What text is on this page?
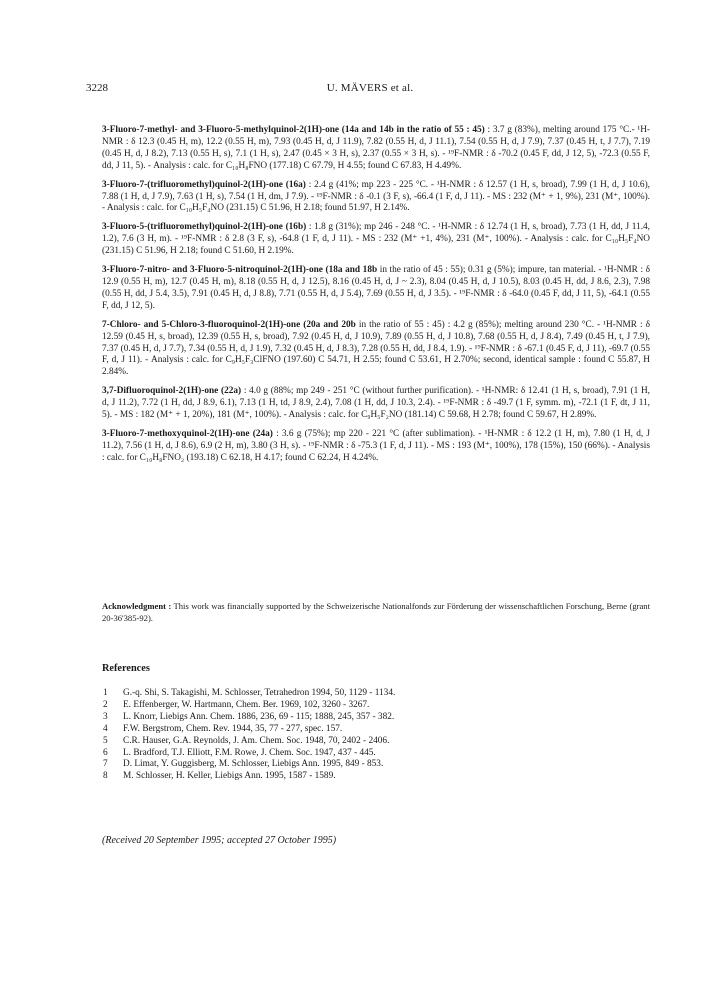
3228	U. MÄVERS et al.

3-Fluoro-7-methyl- and 3-Fluoro-5-methylquinol-2(1H)-one (14a and 14b in the ratio of 55 : 45) : 3.7 g (83%), melting around 175 °C.- ¹H-NMR : δ 12.3 (0.45 H, m), 12.2 (0.55 H, m), 7.93 (0.45 H, d, J 11.9), 7.82 (0.55 H, d, J 11.1), 7.54 (0.55 H, d, J 7.9), 7.37 (0.45 H, t, J 7.7), 7.19 (0.45 H, d, J 8.2), 7.13 (0.55 H, s), 7.1 (1 H, s), 2.47 (0.45 × 3 H, s), 2.37 (0.55 × 3 H, s). - ¹⁹F-NMR : δ -70.2 (0.45 F, dd, J 12, 5), -72.3 (0.55 F, dd, J 11, 5). - Analysis : calc. for C₁₀H₈FNO (177.18) C 67.79, H 4.55; found C 67.83, H 4.49%.

3-Fluoro-7-(trifluoromethyl)quinol-2(1H)-one (16a) : 2.4 g (41%; mp 223 - 225 °C. - ¹H-NMR : δ 12.57 (1 H, s, broad), 7.99 (1 H, d, J 10.6), 7.88 (1 H, d, J 7.9), 7.63 (1 H, s), 7.54 (1 H, dm, J 7.9). - ¹⁹F-NMR : δ -0.1 (3 F, s), -66.4 (1 F, d, J 11). - MS : 232 (M⁺ + 1, 9%), 231 (M⁺, 100%). - Analysis : calc. for C₁₀H₅F₄NO (231.15) C 51.96, H 2.18; found 51.97, H 2.14%.

3-Fluoro-5-(trifluoromethyl)quinol-2(1H)-one (16b) : 1.8 g (31%); mp 246 - 248 °C. - ¹H-NMR : δ 12.74 (1 H, s, broad), 7.73 (1 H, dd, J 11.4, 1.2), 7.6 (3 H, m). - ¹⁹F-NMR : δ 2.8 (3 F, s), -64.8 (1 F, d, J 11). - MS : 232 (M⁺ +1, 4%), 231 (M⁺, 100%). - Analysis : calc. for C₁₀H₅F₄NO (231.15) C 51.96, H 2.18; found C 51.60, H 2.19%.

3-Fluoro-7-nitro- and 3-Fluoro-5-nitroquinol-2(1H)-one (18a and 18b in the ratio of 45 : 55); 0.31 g (5%); impure, tan material. - ¹H-NMR : δ 12.9 (0.55 H, m), 12.7 (0.45 H, m), 8.18 (0.55 H, d, J 12.5), 8.16 (0.45 H, d, J ~ 2.3), 8.04 (0.45 H, d, J 10.5), 8.03 (0.45 H, dd, J 8.6, 2.3), 7.98 (0.55 H, dd, J 5.4, 3.5), 7.91 (0.45 H, d, J 8.8), 7.71 (0.55 H, d, J 5.4), 7.69 (0.55 H, d, J 3.5). - ¹⁹F-NMR : δ -64.0 (0.45 F, dd, J 11, 5), -64.1 (0.55 F, dd, J 12, 5).

7-Chloro- and 5-Chloro-3-fluoroquinol-2(1H)-one (20a and 20b in the ratio of 55 : 45) : 4.2 g (85%); melting around 230 °C. - ¹H-NMR : δ 12.59 (0.45 H, s, broad), 12.39 (0.55 H, s, broad), 7.92 (0.45 H, d, J 10.9), 7.89 (0.55 H, d, J 10.8), 7.68 (0.55 H, d, J 8.4), 7.49 (0.45 H, t, J 7.9), 7.37 (0.45 H, d, J 7.7), 7.34 (0.55 H, d, J 1.9), 7.32 (0.45 H, d, J 8.3), 7.28 (0.55 H, dd, J 8.4, 1.9). - ¹⁹F-NMR : δ -67.1 (0.45 F, d, J 11), -69.7 (0.55 F, d, J 11). - Analysis : calc. for C₉H₅F₃ClFNO (197.60) C 54.71, H 2.55; found C 53.61, H 2.70%; second, identical sample : found C 55.87, H 2.84%.

3,7-Difluoroquinol-2(1H)-one (22a) : 4.0 g (88%; mp 249 - 251 °C (without further purification). - ¹H-NMR: δ 12.41 (1 H, s, broad), 7.91 (1 H, d, J 11.2), 7.72 (1 H, dd, J 8.9, 6.1), 7.13 (1 H, td, J 8.9, 2.4), 7.08 (1 H, dd, J 10.3, 2.4). - ¹⁹F-NMR : δ -49.7 (1 F, symm. m), -72.1 (1 F, dt, J 11, 5). - MS : 182 (M⁺ + 1, 20%), 181 (M⁺, 100%). - Analysis : calc. for C₉H₅F₂NO (181.14) C 59.68, H 2.78; found C 59.67, H 2.89%.

3-Fluoro-7-methoxyquinol-2(1H)-one (24a) : 3.6 g (75%); mp 220 - 221 °C (after sublimation). - ¹H-NMR : δ 12.2 (1 H, m), 7.80 (1 H, d, J 11.2), 7.56 (1 H, d, J 8.6), 6.9 (2 H, m), 3.80 (3 H, s). - ¹⁹F-NMR : δ -75.3 (1 F, d, J 11). - MS : 193 (M⁺, 100%), 178 (15%), 150 (66%). - Analysis : calc. for C₁₀H₈FNO₂ (193.18) C 62.18, H 4.17; found C 62.24, H 4.24%.

Acknowledgment : This work was financially supported by the Schweizerische Nationalfonds zur Förderung der wissenschaftlichen Forschung, Berne (grant 20-36'385-92).
References
1	G.-q. Shi, S. Takagishi, M. Schlosser, Tetrahedron 1994, 50, 1129 - 1134.
2	E. Effenberger, W. Hartmann, Chem. Ber. 1969, 102, 3260 - 3267.
3	L. Knorr, Liebigs Ann. Chem. 1886, 236, 69 - 115; 1888, 245, 357 - 382.
4	F.W. Bergstrom, Chem. Rev. 1944, 35, 77 - 277, spec. 157.
5	C.R. Hauser, G.A. Reynolds, J. Am. Chem. Soc. 1948, 70, 2402 - 2406.
6	L. Bradford, T.J. Elliott, F.M. Rowe, J. Chem. Soc. 1947, 437 - 445.
7	D. Limat, Y. Guggisberg, M. Schlosser, Liebigs Ann. 1995, 849 - 853.
8	M. Schlosser, H. Keller, Liebigs Ann. 1995, 1587 - 1589.
(Received 20 September 1995; accepted 27 October 1995)
